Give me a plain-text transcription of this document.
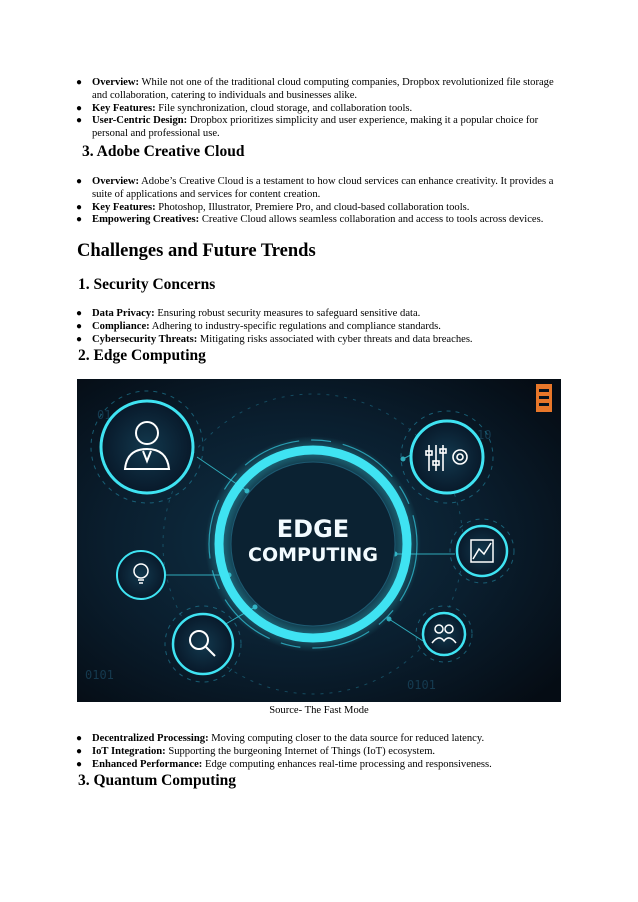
● Overview: While not one of the traditional cloud computing companies, Dropbox revolutionized file storage and collaboration, catering to individuals and businesses alike.
● Key Features: File synchronization, cloud storage, and collaboration tools.
● User-Centric Design: Dropbox prioritizes simplicity and user experience, making it a popular choice for personal and professional use.
3. Adobe Creative Cloud
● Overview: Adobe’s Creative Cloud is a testament to how cloud services can enhance creativity. It provides a suite of applications and services for content creation.
● Key Features: Photoshop, Illustrator, Premiere Pro, and cloud-based collaboration tools.
● Empowering Creatives: Creative Cloud allows seamless collaboration and access to tools across devices.
Challenges and Future Trends
1. Security Concerns
● Data Privacy: Ensuring robust security measures to safeguard sensitive data.
● Compliance: Adhering to industry-specific regulations and compliance standards.
● Cybersecurity Threats: Mitigating risks associated with cyber threats and data breaches.
2. Edge Computing
0101
0101
10
01
EDGE
COMPUTING
Source- The Fast Mode
● Decentralized Processing: Moving computing closer to the data source for reduced latency.
● IoT Integration: Supporting the burgeoning Internet of Things (IoT) ecosystem.
● Enhanced Performance: Edge computing enhances real-time processing and responsiveness.
3. Quantum Computing
